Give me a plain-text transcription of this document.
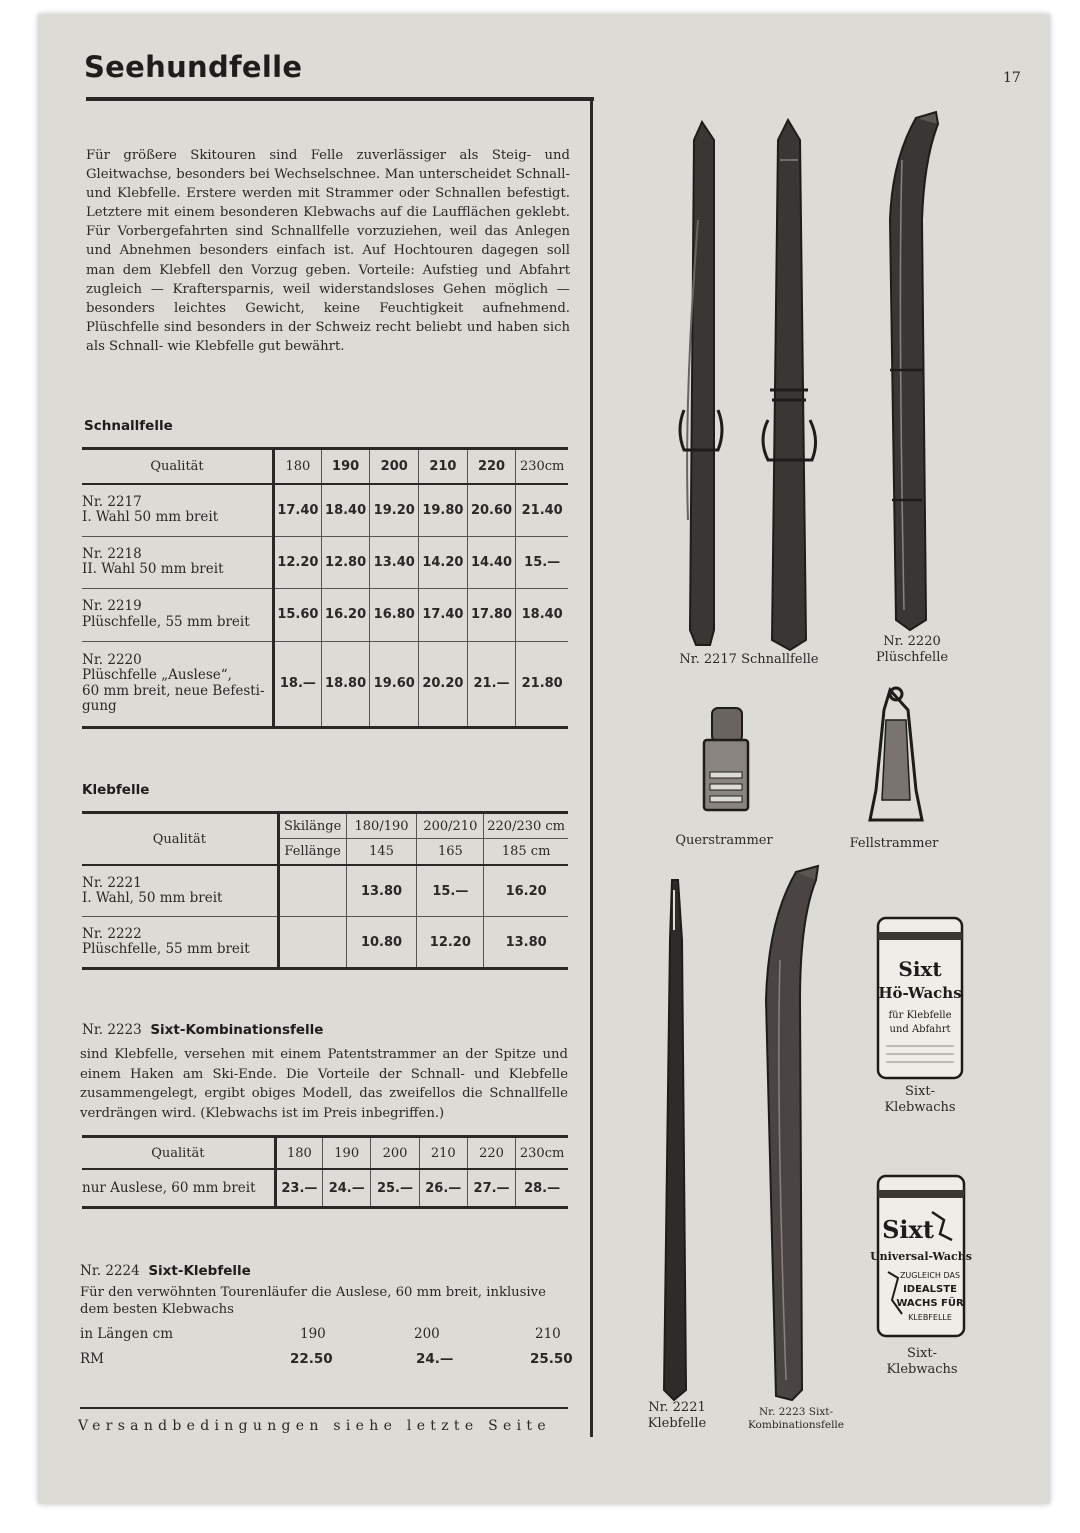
Seehundfelle	17
Für größere Skitouren sind Felle zuverlässiger als Steig- und Gleitwachse, besonders bei Wechselschnee. Man unterscheidet Schnall- und Klebfelle. Erstere werden mit Strammer oder Schnallen befestigt. Letztere mit einem besonderen Klebwachs auf die Laufflächen geklebt. Für Vorbergefahrten sind Schnallfelle vorzuziehen, weil das Anlegen und Abnehmen besonders einfach ist. Auf Hochtouren dagegen soll man dem Klebfell den Vorzug geben. Vorteile: Aufstieg und Abfahrt zugleich — Kraftersparnis, weil widerstandsloses Gehen möglich — besonders leichtes Gewicht, keine Feuchtigkeit aufnehmend. Plüschfelle sind besonders in der Schweiz recht beliebt und haben sich als Schnall- wie Klebfelle gut bewährt.
Schnallfelle
Qualität	180	190	200	210	220	230cm
Nr. 2217
I. Wahl 50 mm breit	17.40	18.40	19.20	19.80	20.60	21.40
Nr. 2218
II. Wahl 50 mm breit	12.20	12.80	13.40	14.20	14.40	15.—
Nr. 2219
Plüschfelle, 55 mm breit	15.60	16.20	16.80	17.40	17.80	18.40
Nr. 2220
Plüschfelle „Auslese“,
60 mm breit, neue Befesti-
gung	18.—	18.80	19.60	20.20	21.—	21.80
Klebfelle
Qualität	Skilänge	180/190	200/210	220/230 cm
	Fellänge	145	165	185 cm
Nr. 2221
I. Wahl, 50 mm breit		13.80	15.—	16.20
Nr. 2222
Plüschfelle, 55 mm breit		10.80	12.20	13.80
Nr. 2223 Sixt-Kombinationsfelle
sind Klebfelle, versehen mit einem Patentstrammer an der Spitze und einem Haken am Ski-Ende. Die Vorteile der Schnall- und Klebfelle zusammengelegt, ergibt obiges Modell, das zweifellos die Schnallfelle verdrängen wird. (Klebwachs ist im Preis inbegriffen.)
Qualität	180	190	200	210	220	230cm
nur Auslese, 60 mm breit	23.—	24.—	25.—	26.—	27.—	28.—
Nr. 2224 Sixt-Klebfelle
Für den verwöhnten Tourenläufer die Auslese, 60 mm breit, inklusive dem besten Klebwachs
in Längen cm	190	200	210
RM	22.50	24.—	25.50
Versandbedingungen siehe letzte Seite
Sixt
Hö-Wachs
für Klebfelle
und Abfahrt
Sixt
Universal-Wachs
ZUGLEICH DAS
IDEALSTE
WACHS FÜR
KLEBFELLE
Nr. 2217 Schnallfelle
Nr. 2220
Plüschfelle
Querstrammer	Fellstrammer
Sixt-
Klebwachs
Sixt-
Klebwachs
Nr. 2221
Klebfelle
Nr. 2223 Sixt-
Kombinationsfelle
